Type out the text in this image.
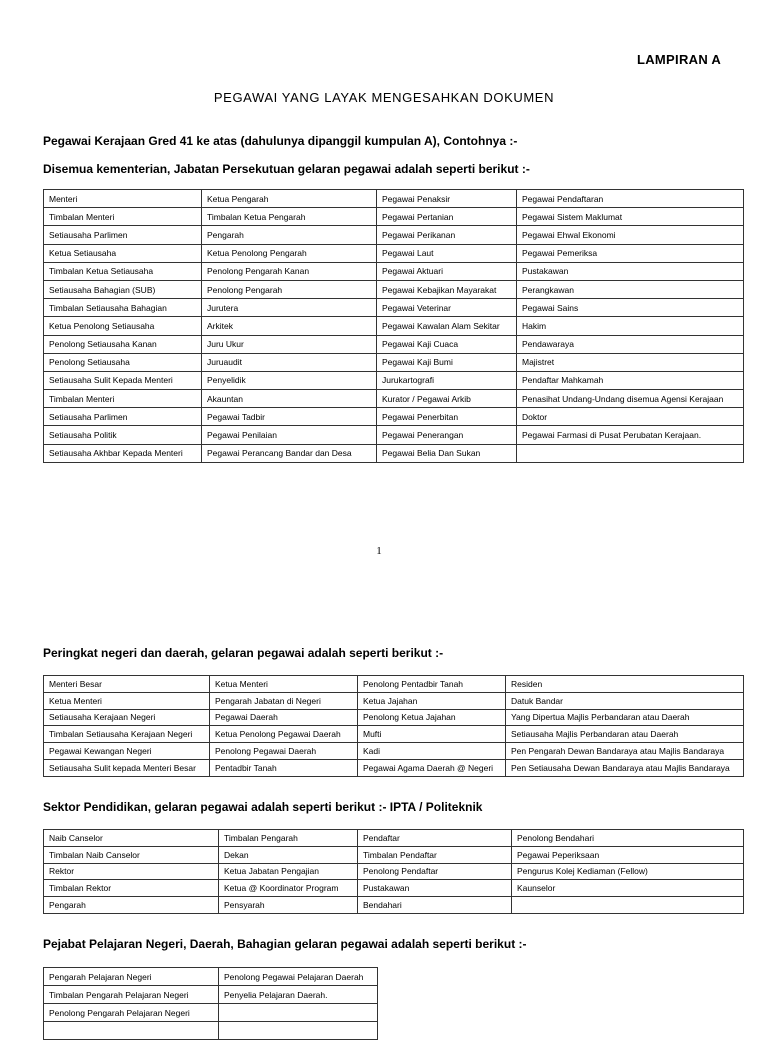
LAMPIRAN A
PEGAWAI YANG LAYAK MENGESAHKAN DOKUMEN
Pegawai Kerajaan Gred 41 ke atas (dahulunya dipanggil kumpulan A), Contohnya :-
Disemua kementerian, Jabatan Persekutuan gelaran pegawai adalah seperti berikut :-
Menteri	Ketua Pengarah	Pegawai Penaksir	Pegawai Pendaftaran
Timbalan Menteri	Timbalan Ketua Pengarah	Pegawai Pertanian	Pegawai Sistem Maklumat
Setiausaha Parlimen	Pengarah	Pegawai Perikanan	Pegawai Ehwal Ekonomi
Ketua Setiausaha	Ketua Penolong Pengarah	Pegawai Laut	Pegawai Pemeriksa
Timbalan Ketua Setiausaha	Penolong Pengarah Kanan	Pegawai Aktuari	Pustakawan
Setiausaha Bahagian (SUB)	Penolong Pengarah	Pegawai Kebajikan Mayarakat	Perangkawan
Timbalan Setiausaha Bahagian	Jurutera	Pegawai Veterinar	Pegawai Sains
Ketua Penolong Setiausaha	Arkitek	Pegawai Kawalan Alam Sekitar	Hakim
Penolong Setiausaha Kanan	Juru Ukur	Pegawai Kaji Cuaca	Pendawaraya
Penolong Setiausaha	Juruaudit	Pegawai Kaji Bumi	Majistret
Setiausaha Sulit Kepada Menteri	Penyelidik	Jurukartografi	Pendaftar Mahkamah
Timbalan Menteri	Akauntan	Kurator / Pegawai Arkib	Penasihat Undang-Undang disemua Agensi Kerajaan
Setiausaha Parlimen	Pegawai Tadbir	Pegawai Penerbitan	Doktor
Setiausaha Politik	Pegawai Penilaian	Pegawai Penerangan	Pegawai Farmasi di Pusat Perubatan Kerajaan.
Setiausaha Akhbar Kepada Menteri	Pegawai Perancang Bandar dan Desa	Pegawai Belia Dan Sukan	
1
Peringkat negeri dan daerah, gelaran pegawai adalah seperti berikut :-
Menteri Besar	Ketua Menteri	Penolong Pentadbir Tanah	Residen
Ketua Menteri	Pengarah Jabatan di Negeri	Ketua Jajahan	Datuk Bandar
Setiausaha Kerajaan Negeri	Pegawai Daerah	Penolong Ketua Jajahan	Yang Dipertua Majlis Perbandaran atau Daerah
Timbalan Setiausaha Kerajaan Negeri	Ketua Penolong Pegawai Daerah	Mufti	Setiausaha Majlis Perbandaran atau Daerah
Pegawai Kewangan Negeri	Penolong Pegawai Daerah	Kadi	Pen Pengarah Dewan Bandaraya atau Majlis Bandaraya
Setiausaha Sulit kepada Menteri Besar	Pentadbir Tanah	Pegawai Agama Daerah @ Negeri	Pen Setiausaha Dewan Bandaraya atau Majlis Bandaraya
Sektor Pendidikan, gelaran pegawai adalah seperti berikut :- IPTA / Politeknik
Naib Canselor	Timbalan Pengarah	Pendaftar	Penolong Bendahari
Timbalan Naib Canselor	Dekan	Timbalan Pendaftar	Pegawai Peperiksaan
Rektor	Ketua Jabatan Pengajian	Penolong Pendaftar	Pengurus Kolej Kediaman (Fellow)
Timbalan Rektor	Ketua @ Koordinator Program	Pustakawan	Kaunselor
Pengarah	Pensyarah	Bendahari	
Pejabat Pelajaran Negeri, Daerah, Bahagian gelaran pegawai adalah seperti berikut :-
Pengarah Pelajaran Negeri	Penolong Pegawai Pelajaran Daerah
Timbalan Pengarah Pelajaran Negeri	Penyelia Pelajaran Daerah.
Penolong Pengarah Pelajaran Negeri	
